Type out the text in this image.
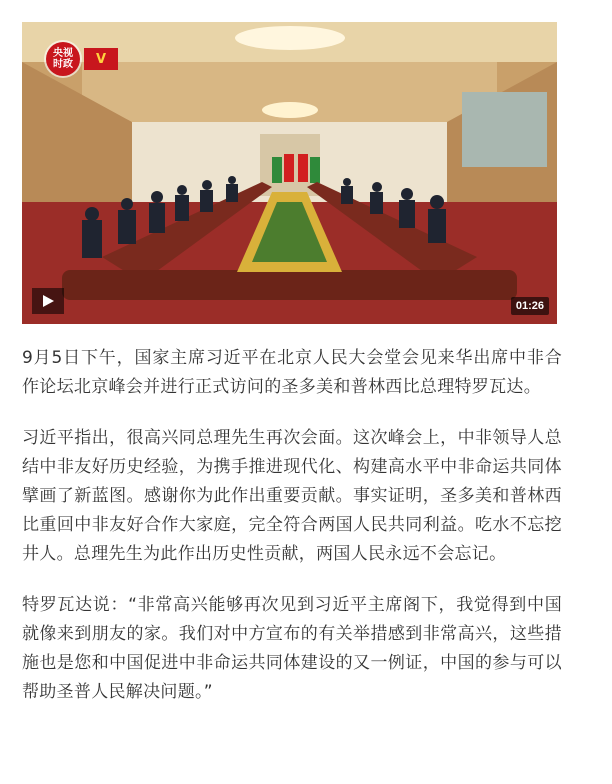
央视
时政	V
01:26

9月5日下午，国家主席习近平在北京人民大会堂会见来华出席中非合作论坛北京峰会并进行正式访问的圣多美和普林西比总理特罗瓦达。

习近平指出，很高兴同总理先生再次会面。这次峰会上，中非领导人总结中非友好历史经验，为携手推进现代化、构建高水平中非命运共同体擘画了新蓝图。感谢你为此作出重要贡献。事实证明，圣多美和普林西比重回中非友好合作大家庭，完全符合两国人民共同利益。吃水不忘挖井人。总理先生为此作出历史性贡献，两国人民永远不会忘记。

特罗瓦达说：“非常高兴能够再次见到习近平主席阁下，我觉得到中国就像来到朋友的家。我们对中方宣布的有关举措感到非常高兴，这些措施也是您和中国促进中非命运共同体建设的又一例证，中国的参与可以帮助圣普人民解决问题。”
